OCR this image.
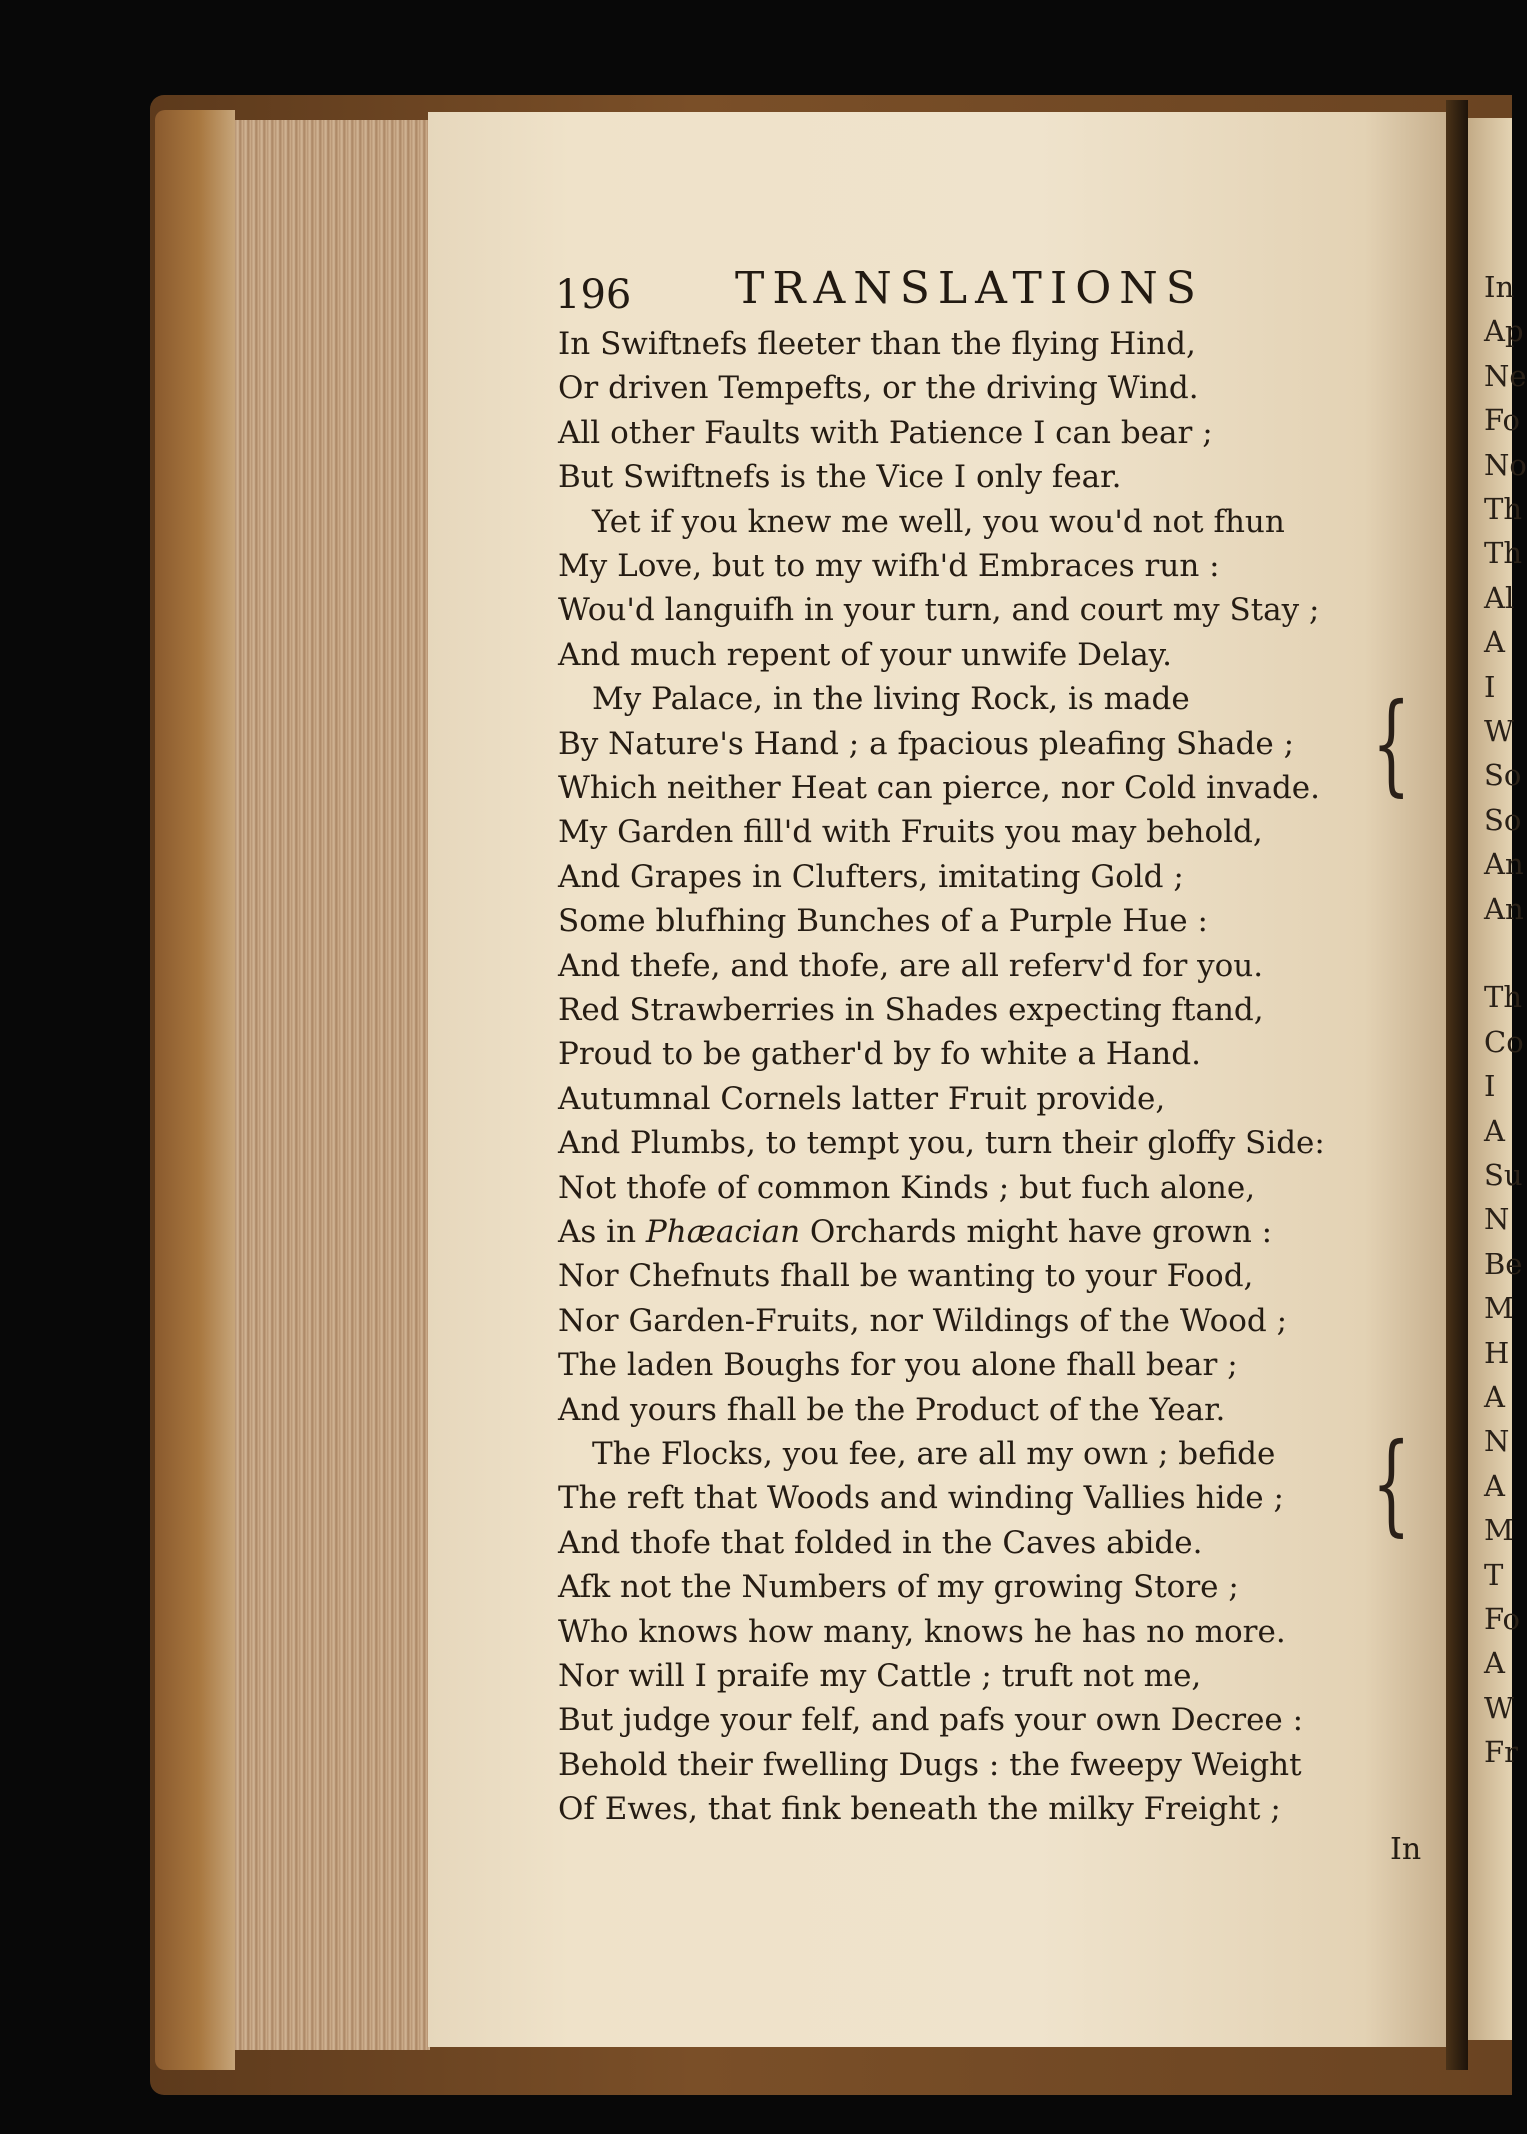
In
Ap
Ne
Fo
No
Th
Th
Al
A
I
W
So
So
An
An
Th
Co
I
A
Su
N
Be
M
H
A
N
A
M
T
Fo
A
W
Fr
196 TRANSLATIONS
In Swiftnefs fleeter than the flying Hind,
Or driven Tempefts, or the driving Wind.
All other Faults with Patience I can bear ;
But Swiftnefs is the Vice I only fear.
Yet if you knew me well, you wou'd not fhun
My Love, but to my wifh'd Embraces run :
Wou'd languifh in your turn, and court my Stay ;
And much repent of your unwife Delay.
My Palace, in the living Rock, is made
By Nature's Hand ; a fpacious pleafing Shade ;
Which neither Heat can pierce, nor Cold invade.
My Garden fill'd with Fruits you may behold,
And Grapes in Clufters, imitating Gold ;
Some blufhing Bunches of a Purple Hue :
And thefe, and thofe, are all referv'd for you.
Red Strawberries in Shades expecting ftand,
Proud to be gather'd by fo white a Hand.
Autumnal Cornels latter Fruit provide,
And Plumbs, to tempt you, turn their gloffy Side:
Not thofe of common Kinds ; but fuch alone,
As in Phæacian Orchards might have grown :
Nor Chefnuts fhall be wanting to your Food,
Nor Garden-Fruits, nor Wildings of the Wood ;
The laden Boughs for you alone fhall bear ;
And yours fhall be the Product of the Year.
The Flocks, you fee, are all my own ; befide
The reft that Woods and winding Vallies hide ;
And thofe that folded in the Caves abide.
Afk not the Numbers of my growing Store ;
Who knows how many, knows he has no more.
Nor will I praife my Cattle ; truft not me,
But judge your felf, and pafs your own Decree :
Behold their fwelling Dugs : the fweepy Weight
Of Ewes, that fink beneath the milky Freight ;
{
{
In
